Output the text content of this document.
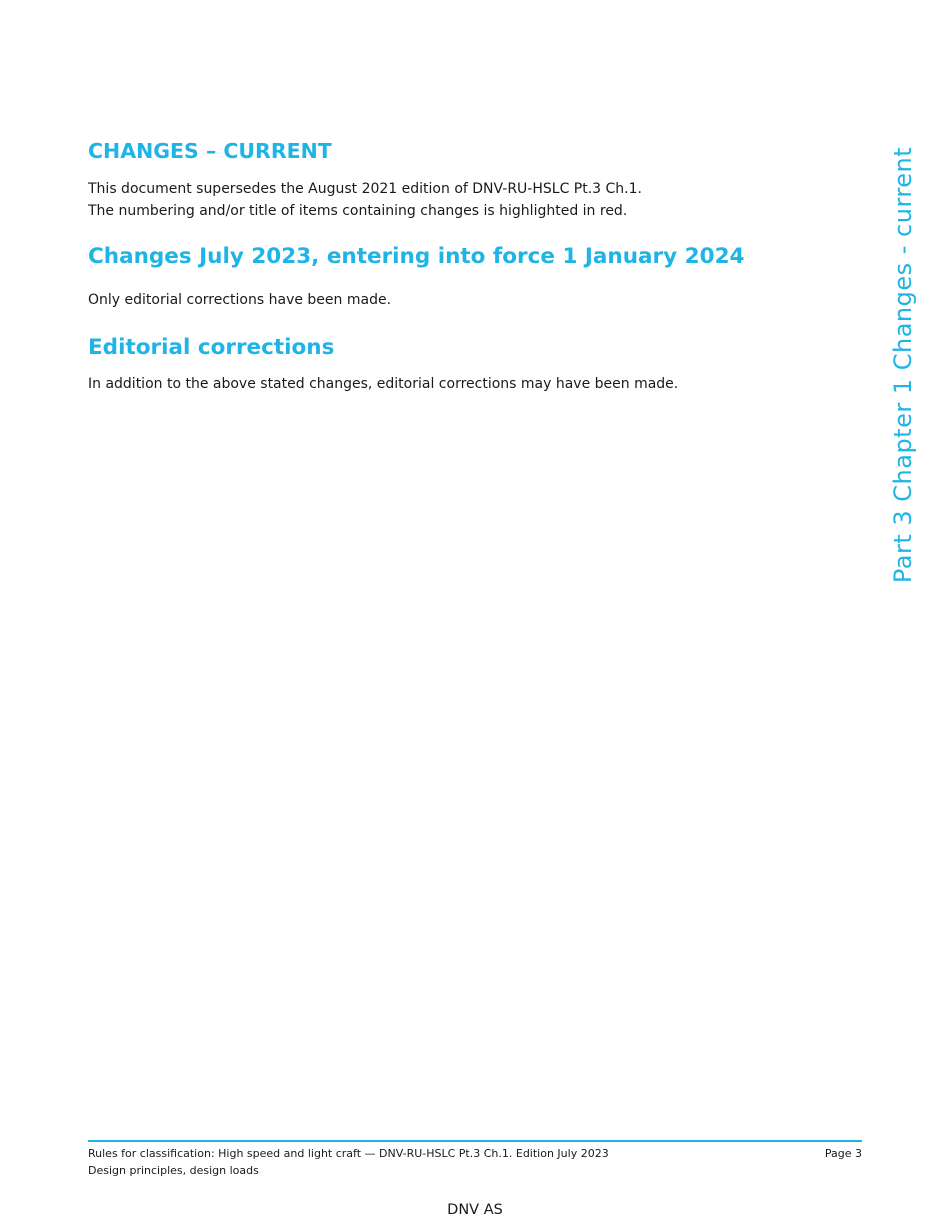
CHANGES – CURRENT
This document supersedes the August 2021 edition of DNV-RU-HSLC Pt.3 Ch.1.
The numbering and/or title of items containing changes is highlighted in red.
Changes July 2023, entering into force 1 January 2024

Only editorial corrections have been made.

Editorial corrections

In addition to the above stated changes, editorial corrections may have been made.	Part 3 Chapter 1 Changes - current
Rules for classification: High speed and light craft — DNV-RU-HSLC Pt.3 Ch.1. Edition July 2023	Page 3
Design principles, design loads
DNV AS
